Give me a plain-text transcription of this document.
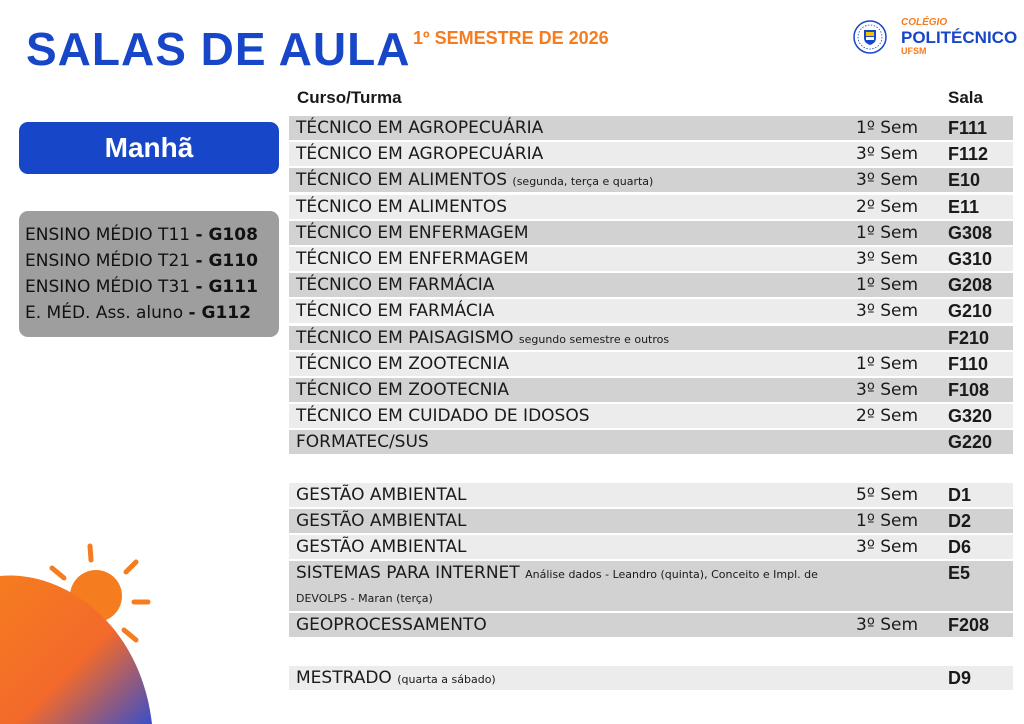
SALAS DE AULA 1º SEMESTRE DE 2026
COLÉGIO
POLITÉCNICO
UFSM
Manhã
ENSINO MÉDIO T11 - G108
ENSINO MÉDIO T21 - G110
ENSINO MÉDIO T31 - G111
E. MÉD. Ass. aluno - G112
Curso/Turma	Sala
TÉCNICO EM AGROPECUÁRIA	1º Sem F111
TÉCNICO EM AGROPECUÁRIA	3º Sem F112
TÉCNICO EM ALIMENTOS (segunda, terça e quarta)	3º Sem E10
TÉCNICO EM ALIMENTOS	2º Sem E11
TÉCNICO EM ENFERMAGEM	1º Sem G308
TÉCNICO EM ENFERMAGEM	3º Sem G310
TÉCNICO EM FARMÁCIA	1º Sem G208
TÉCNICO EM FARMÁCIA	3º Sem G210
TÉCNICO EM PAISAGISMO segundo semestre e outros	F210
TÉCNICO EM ZOOTECNIA	1º Sem F110
TÉCNICO EM ZOOTECNIA	3º Sem F108
TÉCNICO EM CUIDADO DE IDOSOS	2º Sem G320
FORMATEC/SUS	G220
GESTÃO AMBIENTAL	5º Sem D1
GESTÃO AMBIENTAL	1º Sem D2
GESTÃO AMBIENTAL	3º Sem D6
SISTEMAS PARA INTERNET Análise dados - Leandro (quinta), Conceito e Impl. de
DEVOLPS - Maran (terça)
E5
GEOPROCESSAMENTO	3º Sem F208
MESTRADO (quarta a sábado)	D9
